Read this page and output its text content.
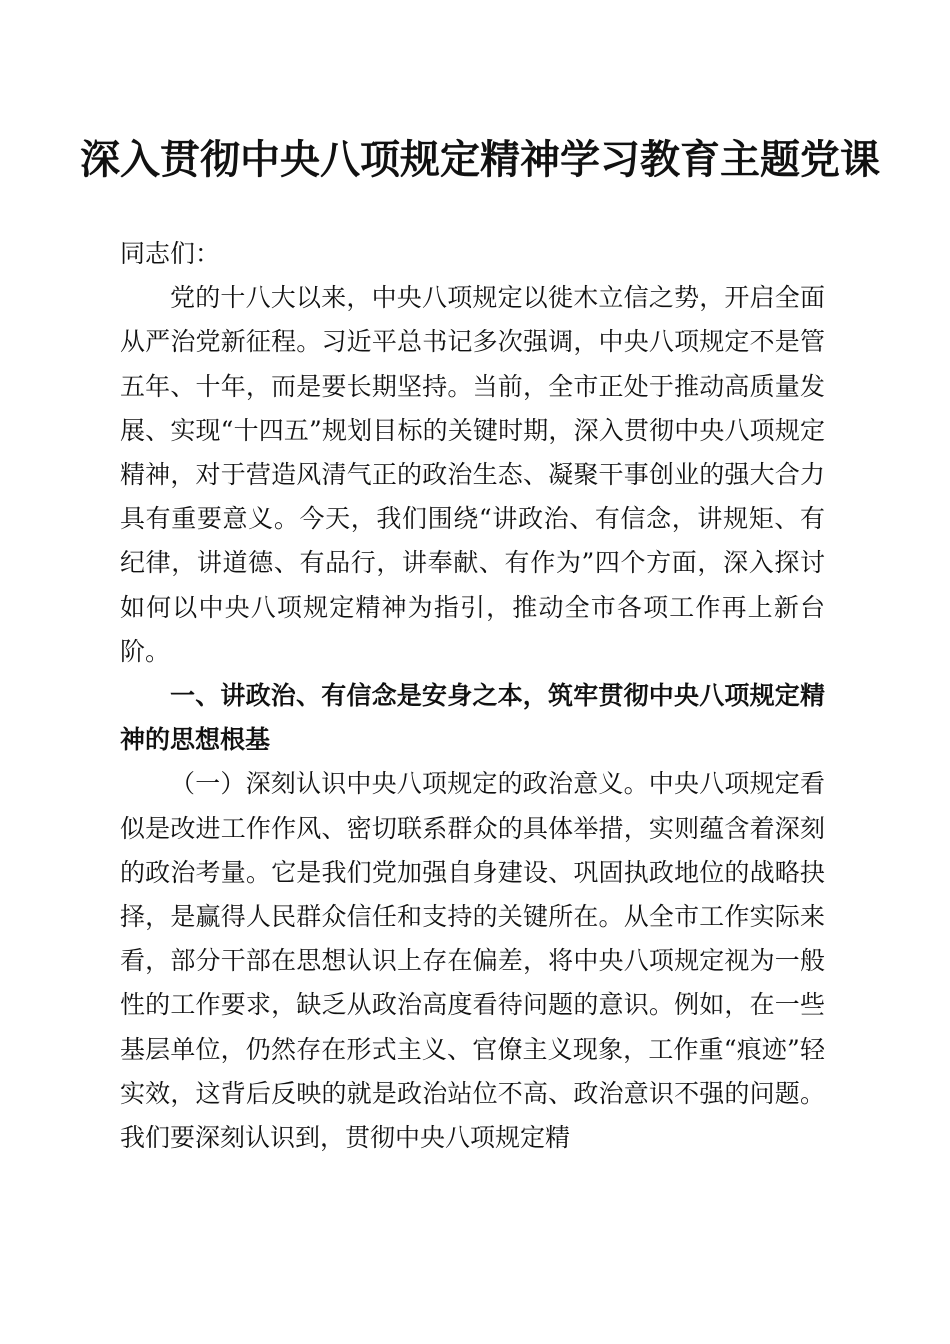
深入贯彻中央八项规定精神学习教育主题党课

同志们：

党的十八大以来，中央八项规定以徙木立信之势，开启全面从严治党新征程。习近平总书记多次强调，中央八项规定不是管五年、十年，而是要长期坚持。当前，全市正处于推动高质量发展、实现“十四五”规划目标的关键时期，深入贯彻中央八项规定精神，对于营造风清气正的政治生态、凝聚干事创业的强大合力具有重要意义。今天，我们围绕“讲政治、有信念，讲规矩、有纪律，讲道德、有品行，讲奉献、有作为”四个方面，深入探讨如何以中央八项规定精神为指引，推动全市各项工作再上新台阶。

一、讲政治、有信念是安身之本，筑牢贯彻中央八项规定精神的思想根基

（一）深刻认识中央八项规定的政治意义。中央八项规定看似是改进工作作风、密切联系群众的具体举措，实则蕴含着深刻的政治考量。它是我们党加强自身建设、巩固执政地位的战略抉择，是赢得人民群众信任和支持的关键所在。从全市工作实际来看，部分干部在思想认识上存在偏差，将中央八项规定视为一般性的工作要求，缺乏从政治高度看待问题的意识。例如，在一些基层单位，仍然存在形式主义、官僚主义现象，工作重“痕迹”轻实效，这背后反映的就是政治站位不高、政治意识不强的问题。我们要深刻认识到，贯彻中央八项规定精
